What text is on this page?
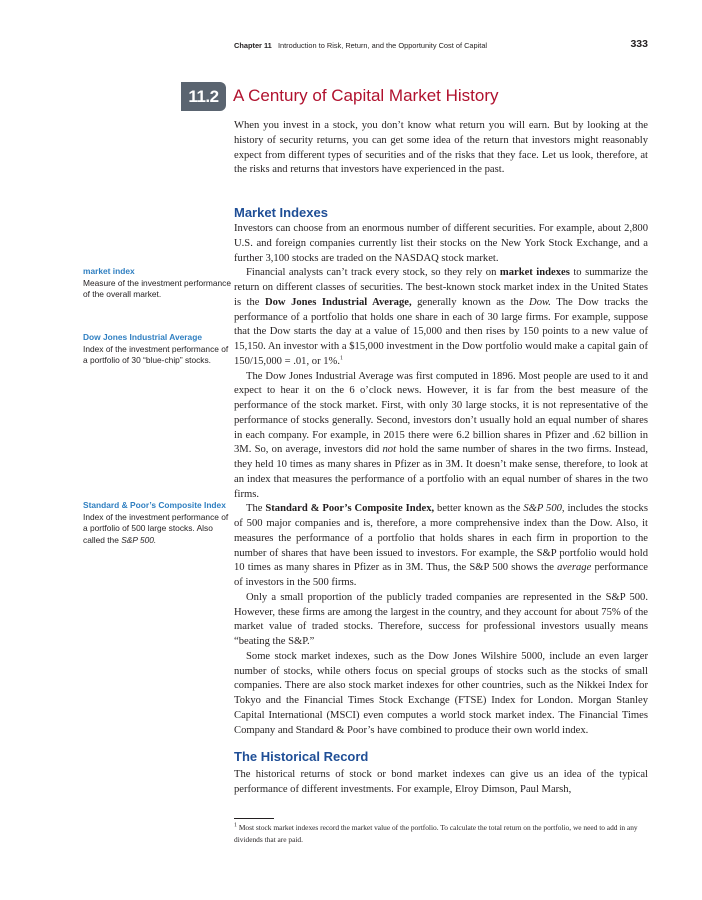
Chapter 11 Introduction to Risk, Return, and the Opportunity Cost of Capital	333
11.2 A Century of Capital Market History

When you invest in a stock, you don’t know what return you will earn. But by looking at the history of security returns, you can get some idea of the return that investors might reasonably expect from different types of securities and of the risks that they face. Let us look, therefore, at the risks and returns that investors have experienced in the past.

Market Indexes

Investors can choose from an enormous number of different securities. For example, about 2,800 U.S. and foreign companies currently list their stocks on the New York Stock Exchange, and a further 3,100 stocks are traded on the NASDAQ stock market.

Financial analysts can’t track every stock, so they rely on market indexes to summarize the return on different classes of securities. The best-known stock market index in the United States is the Dow Jones Industrial Average, generally known as the Dow. The Dow tracks the performance of a portfolio that holds one share in each of 30 large firms. For example, suppose that the Dow starts the day at a value of 15,000 and then rises by 150 points to a new value of 15,150. An investor with a $15,000 investment in the Dow portfolio would make a capital gain of 150/15,000 = .01, or 1%.$^1$

The Dow Jones Industrial Average was first computed in 1896. Most people are used to it and expect to hear it on the 6 o’clock news. However, it is far from the best measure of the performance of the stock market. First, with only 30 large stocks, it is not representative of the performance of stocks generally. Second, investors don’t usually hold an equal number of shares in each company. For example, in 2015 there were 6.2 billion shares in Pfizer and .62 billion in 3M. So, on average, investors did not hold the same number of shares in the two firms. Instead, they held 10 times as many shares in Pfizer as in 3M. It doesn’t make sense, therefore, to look at an index that measures the performance of a portfolio with an equal number of shares in the two firms.

The Standard & Poor’s Composite Index, better known as the S&P 500, includes the stocks of 500 major companies and is, therefore, a more comprehensive index than the Dow. Also, it measures the performance of a portfolio that holds shares in each firm in proportion to the number of shares that have been issued to investors. For example, the S&P portfolio would hold 10 times as many shares in Pfizer as in 3M. Thus, the S&P 500 shows the average performance of investors in the 500 firms.

Only a small proportion of the publicly traded companies are represented in the S&P 500. However, these firms are among the largest in the country, and they account for about 75% of the market value of traded stocks. Therefore, success for professional investors usually means “beating the S&P.”

Some stock market indexes, such as the Dow Jones Wilshire 5000, include an even larger number of stocks, while others focus on special groups of stocks such as the stocks of small companies. There are also stock market indexes for other countries, such as the Nikkei Index for Tokyo and the Financial Times Stock Exchange (FTSE) Index for London. Morgan Stanley Capital International (MSCI) even computes a world stock market index. The Financial Times Company and Standard & Poor’s have combined to produce their own world index.

The Historical Record

The historical returns of stock or bond market indexes can give us an idea of the typical performance of different investments. For example, Elroy Dimson, Paul Marsh,

market index
Measure of the investment performance of the overall market.
Dow Jones Industrial Average
Index of the investment performance of a portfolio of 30 “blue-chip” stocks.
Standard & Poor’s Composite Index
Index of the investment performance of a portfolio of 500 large stocks. Also called the S&P 500.
$^1$ Most stock market indexes record the market value of the portfolio. To calculate the total return on the portfolio, we need to add in any dividends that are paid.
